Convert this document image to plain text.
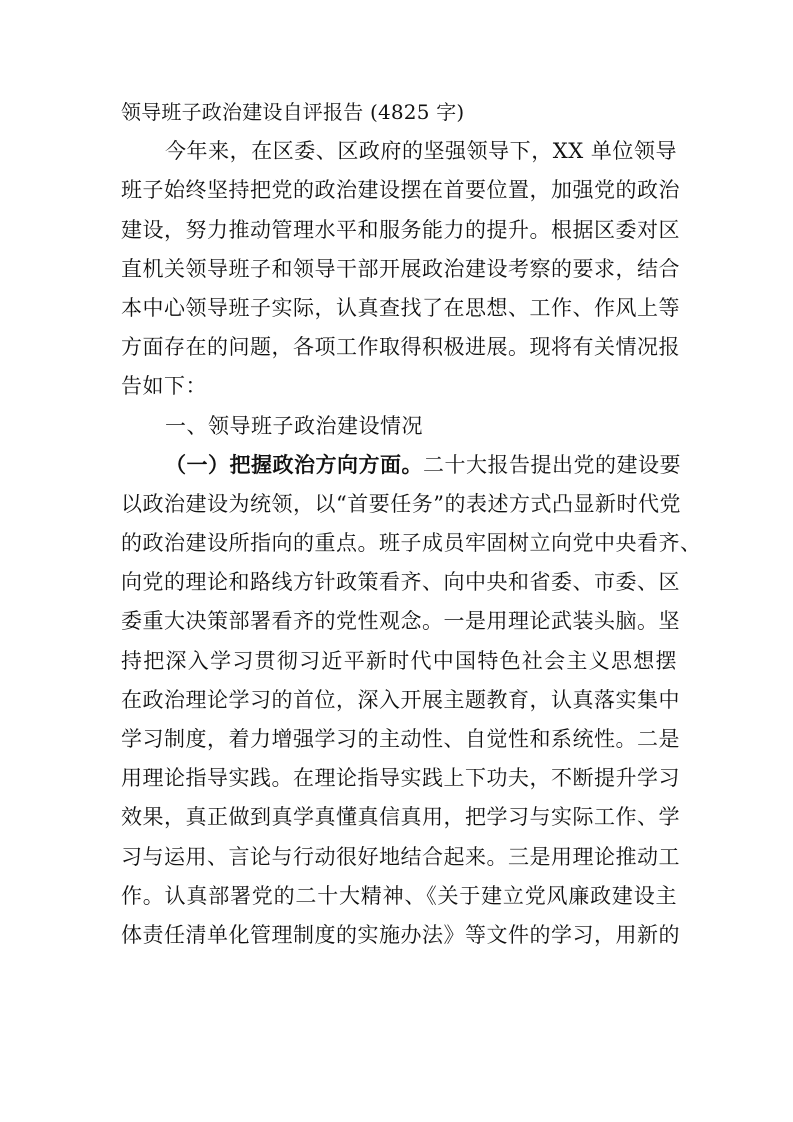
领导班子政治建设自评报告 (4825 字)
今年来，在区委、区政府的坚强领导下，XX 单位领导
班子始终坚持把党的政治建设摆在首要位置，加强党的政治
建设，努力推动管理水平和服务能力的提升。根据区委对区
直机关领导班子和领导干部开展政治建设考察的要求，结合
本中心领导班子实际，认真查找了在思想、工作、作风上等
方面存在的问题，各项工作取得积极进展。现将有关情况报
告如下：
一、领导班子政治建设情况
（一）把握政治方向方面。二十大报告提出党的建设要
以政治建设为统领，以“首要任务”的表述方式凸显新时代党
的政治建设所指向的重点。班子成员牢固树立向党中央看齐、
向党的理论和路线方针政策看齐、向中央和省委、市委、区
委重大决策部署看齐的党性观念。一是用理论武装头脑。坚
持把深入学习贯彻习近平新时代中国特色社会主义思想摆
在政治理论学习的首位，深入开展主题教育，认真落实集中
学习制度，着力增强学习的主动性、自觉性和系统性。二是
用理论指导实践。在理论指导实践上下功夫，不断提升学习
效果，真正做到真学真懂真信真用，把学习与实际工作、学
习与运用、言论与行动很好地结合起来。三是用理论推动工
作。认真部署党的二十大精神、《关于建立党风廉政建设主
体责任清单化管理制度的实施办法》等文件的学习，用新的
